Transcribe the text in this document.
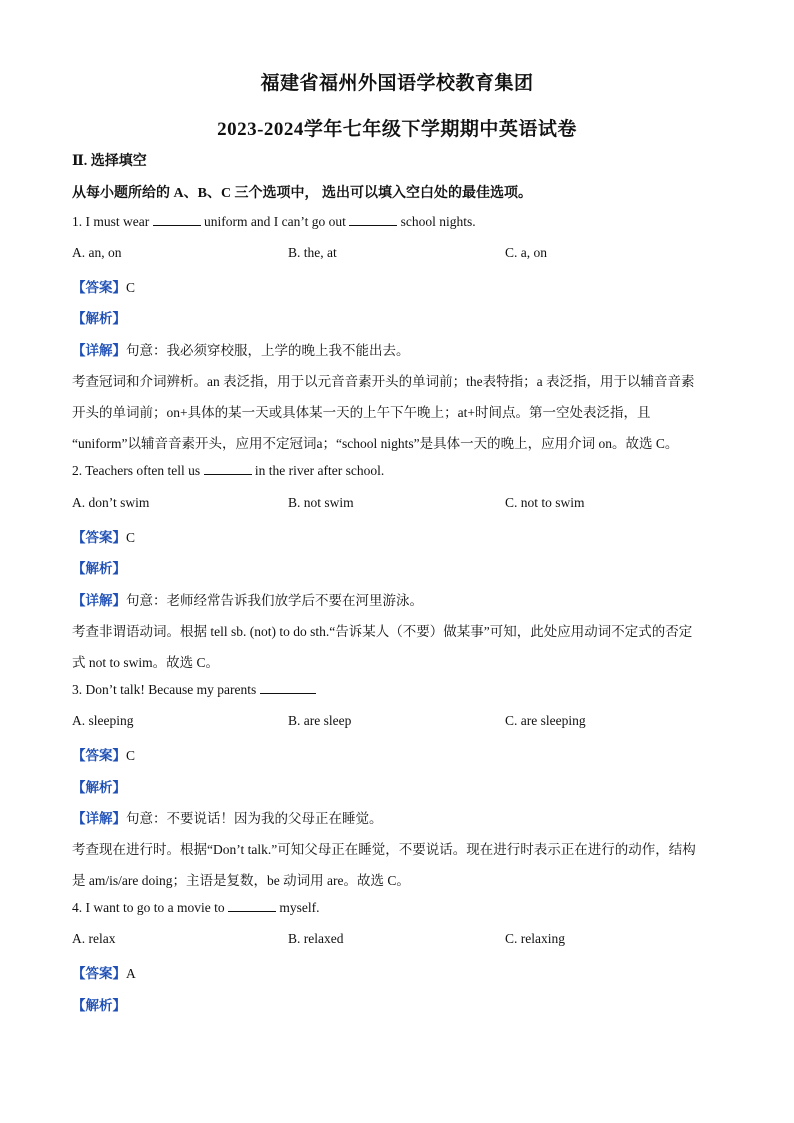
福建省福州外国语学校教育集团
2023-2024学年七年级下学期期中英语试卷
Ⅱ. 选择填空
从每小题所给的 A、B、C 三个选项中， 选出可以填入空白处的最佳选项。
1. I must wear	uniform and I can’t go out	school nights.
A. an, on	B. the, at	C. a, on
【答案】C
【解析】
【详解】句意：我必须穿校服，上学的晚上我不能出去。
考查冠词和介词辨析。an 表泛指，用于以元音音素开头的单词前；the表特指；a 表泛指，用于以辅音音素
开头的单词前；on+具体的某一天或具体某一天的上午下午晚上；at+时间点。第一空处表泛指，且
“uniform”以辅音音素开头，应用不定冠词a；“school nights”是具体一天的晚上，应用介词 on。故选 C。
2. Teachers often tell us	in the river after school.
A. don’t swim	B. not swim	C. not to swim
【答案】C
【解析】
【详解】句意：老师经常告诉我们放学后不要在河里游泳。
考查非谓语动词。根据 tell sb. (not) to do sth.“告诉某人（不要）做某事”可知，此处应用动词不定式的否定
式 not to swim。故选 C。
3. Don’t talk! Because my parents
A. sleeping	B. are sleep	C. are sleeping
【答案】C
【解析】
【详解】句意：不要说话！因为我的父母正在睡觉。
考查现在进行时。根据“Don’t talk.”可知父母正在睡觉，不要说话。现在进行时表示正在进行的动作，结构
是 am/is/are doing；主语是复数，be 动词用 are。故选 C。
4. I want to go to a movie to	myself.
A. relax	B. relaxed	C. relaxing
【答案】A
【解析】
